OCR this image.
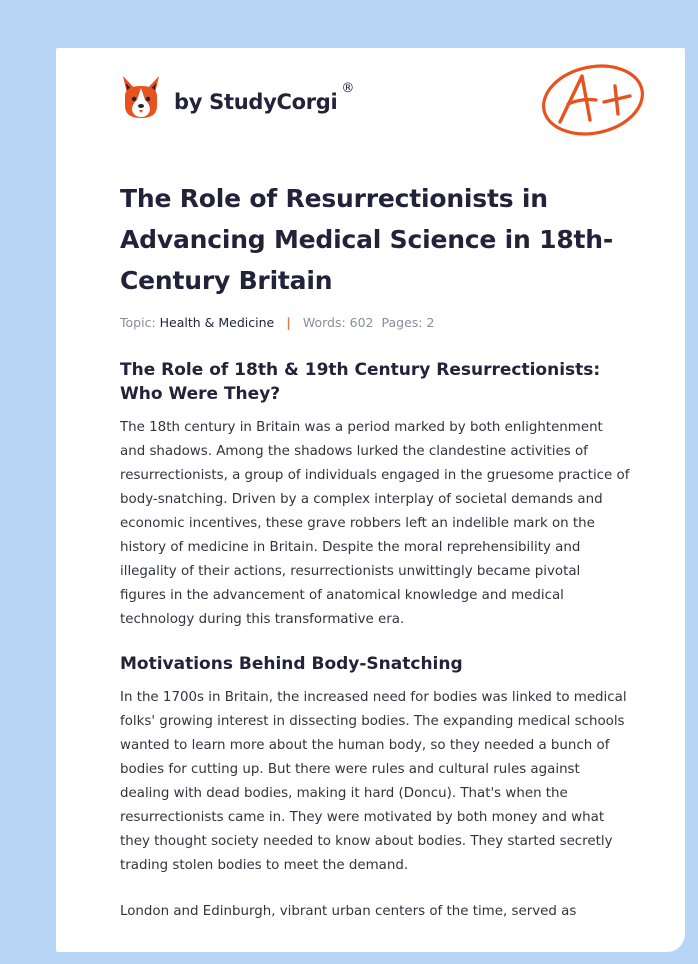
by StudyCorgi
®
The Role of Resurrectionists in Advancing Medical Science in 18th-Century Britain
Topic: Health & Medicine | Words: 602 Pages: 2
The Role of 18th & 19th Century Resurrectionists: Who Were They?

The 18th century in Britain was a period marked by both enlightenment and shadows. Among the shadows lurked the clandestine activities of resurrectionists, a group of individuals engaged in the gruesome practice of body-snatching. Driven by a complex interplay of societal demands and economic incentives, these grave robbers left an indelible mark on the history of medicine in Britain. Despite the moral reprehensibility and illegality of their actions, resurrectionists unwittingly became pivotal figures in the advancement of anatomical knowledge and medical technology during this transformative era.

Motivations Behind Body-Snatching

In the 1700s in Britain, the increased need for bodies was linked to medical folks' growing interest in dissecting bodies. The expanding medical schools wanted to learn more about the human body, so they needed a bunch of bodies for cutting up. But there were rules and cultural rules against dealing with dead bodies, making it hard (Doncu). That's when the resurrectionists came in. They were motivated by both money and what they thought society needed to know about bodies. They started secretly trading stolen bodies to meet the demand.

London and Edinburgh, vibrant urban centers of the time, served as
